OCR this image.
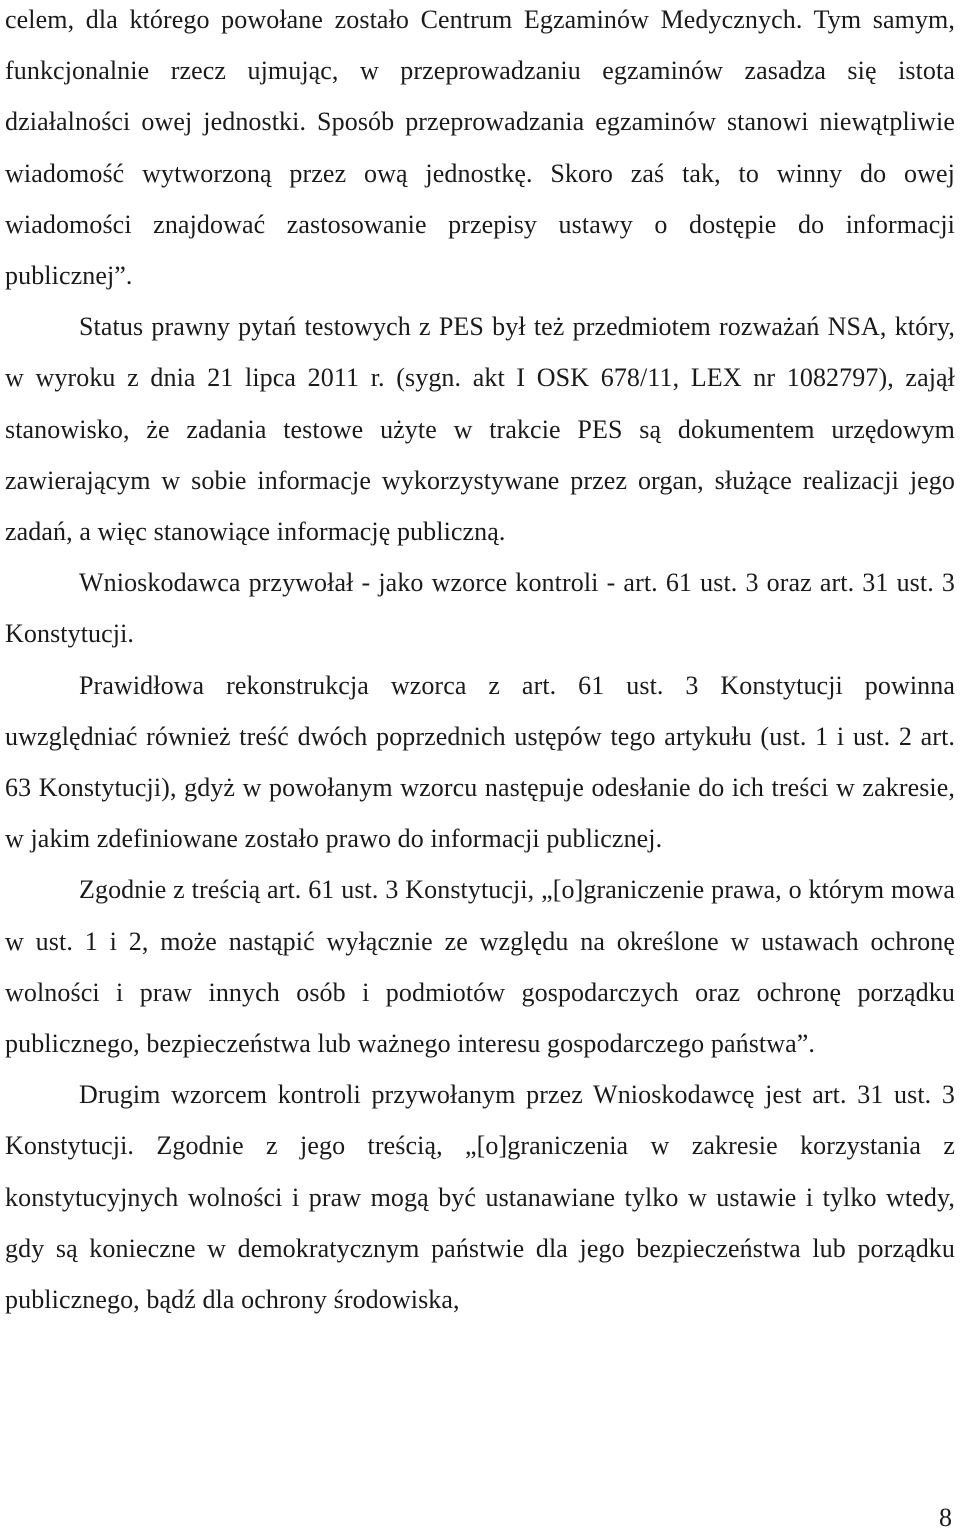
celem, dla którego powołane zostało Centrum Egzaminów Medycznych. Tym samym, funkcjonalnie rzecz ujmując, w przeprowadzaniu egzaminów zasadza się istota działalności owej jednostki. Sposób przeprowadzania egzaminów stanowi niewątpliwie wiadomość wytworzoną przez ową jednostkę. Skoro zaś tak, to winny do owej wiadomości znajdować zastosowanie przepisy ustawy o dostępie do informacji publicznej”.

Status prawny pytań testowych z PES był też przedmiotem rozważań NSA, który, w wyroku z dnia 21 lipca 2011 r. (sygn. akt I OSK 678/11, LEX nr 1082797), zajął stanowisko, że zadania testowe użyte w trakcie PES są dokumentem urzędowym zawierającym w sobie informacje wykorzystywane przez organ, służące realizacji jego zadań, a więc stanowiące informację publiczną.

Wnioskodawca przywołał - jako wzorce kontroli - art. 61 ust. 3 oraz art. 31 ust. 3 Konstytucji.

Prawidłowa rekonstrukcja wzorca z art. 61 ust. 3 Konstytucji powinna uwzględniać również treść dwóch poprzednich ustępów tego artykułu (ust. 1 i ust. 2 art. 63 Konstytucji), gdyż w powołanym wzorcu następuje odesłanie do ich treści w zakresie, w jakim zdefiniowane zostało prawo do informacji publicznej.

Zgodnie z treścią art. 61 ust. 3 Konstytucji, „[o]graniczenie prawa, o którym mowa w ust. 1 i 2, może nastąpić wyłącznie ze względu na określone w ustawach ochronę wolności i praw innych osób i podmiotów gospodarczych oraz ochronę porządku publicznego, bezpieczeństwa lub ważnego interesu gospodarczego państwa”.

Drugim wzorcem kontroli przywołanym przez Wnioskodawcę jest art. 31 ust. 3 Konstytucji. Zgodnie z jego treścią, „[o]graniczenia w zakresie korzystania z konstytucyjnych wolności i praw mogą być ustanawiane tylko w ustawie i tylko wtedy, gdy są konieczne w demokratycznym państwie dla jego bezpieczeństwa lub porządku publicznego, bądź dla ochrony środowiska,

8
